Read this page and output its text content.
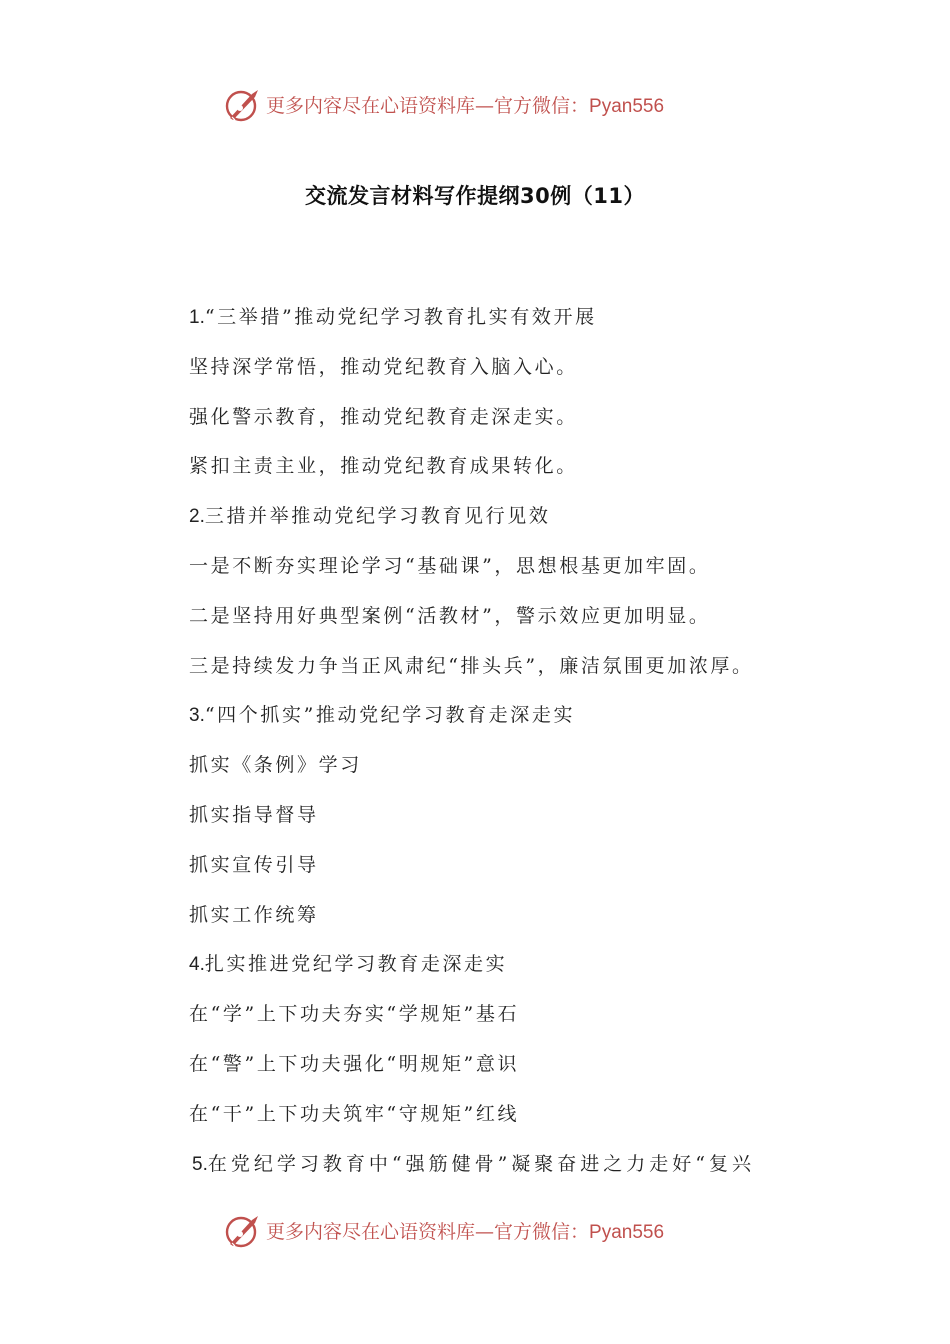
更多内容尽在心语资料库—官方微信：Pyan556
交流发言材料写作提纲30例（11）
1.“三举措”推动党纪学习教育扎实有效开展
坚持深学常悟，推动党纪教育入脑入心。
强化警示教育，推动党纪教育走深走实。
紧扣主责主业，推动党纪教育成果转化。
2.三措并举推动党纪学习教育见行见效
一是不断夯实理论学习“基础课”，思想根基更加牢固。
二是坚持用好典型案例“活教材”，警示效应更加明显。
三是持续发力争当正风肃纪“排头兵”，廉洁氛围更加浓厚。
3.“四个抓实”推动党纪学习教育走深走实
抓实《条例》学习
抓实指导督导
抓实宣传引导
抓实工作统筹
4.扎实推进党纪学习教育走深走实
在“学”上下功夫夯实“学规矩”基石
在“警”上下功夫强化“明规矩”意识
在“干”上下功夫筑牢“守规矩”红线
5.在党纪学习教育中“强筋健骨”凝聚奋进之力走好“复兴
更多内容尽在心语资料库—官方微信：Pyan556
